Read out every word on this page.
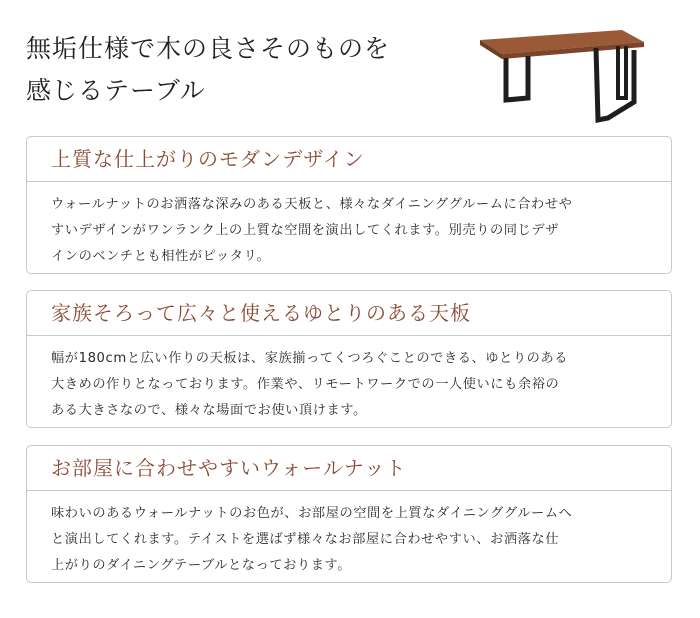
無垢仕様で木の良さそのものを
感じるテーブル
上質な仕上がりのモダンデザイン

ウォールナットのお洒落な深みのある天板と、様々なダイニンググルームに合わせや
すいデザインがワンランク上の上質な空間を演出してくれます。別売りの同じデザ
インのベンチとも相性がピッタリ。

家族そろって広々と使えるゆとりのある天板

幅が180cmと広い作りの天板は、家族揃ってくつろぐことのできる、ゆとりのある
大きめの作りとなっております。作業や、リモートワークでの一人使いにも余裕の
ある大きさなので、様々な場面でお使い頂けます。

お部屋に合わせやすいウォールナット

味わいのあるウォールナットのお色が、お部屋の空間を上質なダイニンググルームへ
と演出してくれます。テイストを選ばず様々なお部屋に合わせやすい、お洒落な仕
上がりのダイニングテーブルとなっております。
